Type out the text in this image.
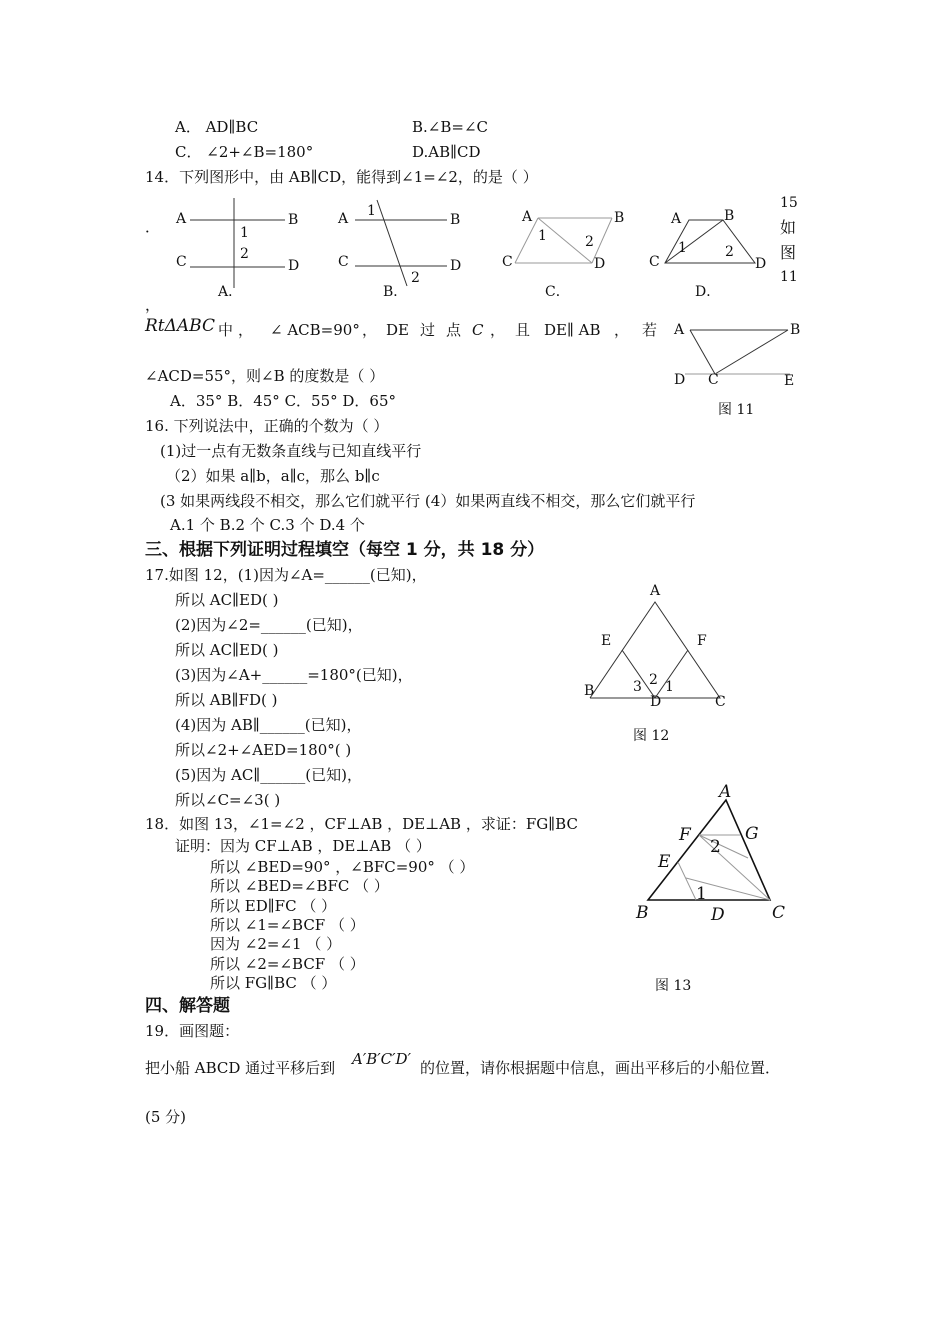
A． AD∥BC	B.∠B=∠C
C． ∠2+∠B=180°	D.AB∥CD
14．下列图形中，由 AB∥CD，能得到∠1=∠2，的是（ ）
． A	B
C	D
1
2
A．
A	B
C	D
1
2
B．
A	B
C	D
1	2
C．
A	B
C	D
1	2
D．
15
如
图
11
，
RtΔABC 中 ， ∠ ACB=90° ， DE 过 点 C ， 且 DE∥ AB ， 若
∠ACD=55°，则∠B 的度数是（ ）
A．35° B．45° C．55° D．65°
A	B
D C	E
图 11
16. 下列说法中，正确的个数为（ ）
(1)过一点有无数条直线与已知直线平行
（2）如果 a∥b，a∥c，那么 b∥c
(3 如果两线段不相交，那么它们就平行 (4）如果两直线不相交，那么它们就平行
A.1 个 B.2 个 C.3 个 D.4 个
三、根据下列证明过程填空（每空 1 分，共 18 分）
17.如图 12，(1)因为∠A=______(已知)，
所以 AC∥ED( )
(2)因为∠2=______(已知)，
所以 AC∥ED( )
(3)因为∠A+______=180°(已知)，
所以 AB∥FD( )
(4)因为 AB∥______(已知)，
所以∠2+∠AED=180°( )
(5)因为 AC∥______(已知)，
所以∠C=∠3( )
A
E	F
B
D	C
3 2 1
图 12
18．如图 13，∠1=∠2 ，CF⊥AB ，DE⊥AB ，求证：FG∥BC
证明：因为 CF⊥AB ，DE⊥AB （ ）
所以 ∠BED=90° ，∠BFC=90° （ ）
所以 ∠BED=∠BFC （ ）
所以 ED∥FC （ ）
所以 ∠1=∠BCF （ ）
因为 ∠2=∠1 （ ）
所以 ∠2=∠BCF （ ）
所以 FG∥BC （ ）
A
F	G
E
2
1
B	D	C
图 13
四、解答题
19．画图题：
把小船 ABCD 通过平移后到 A′B′C′D′ 的位置，请你根据题中信息，画出平移后的小船位置．
(5 分)
